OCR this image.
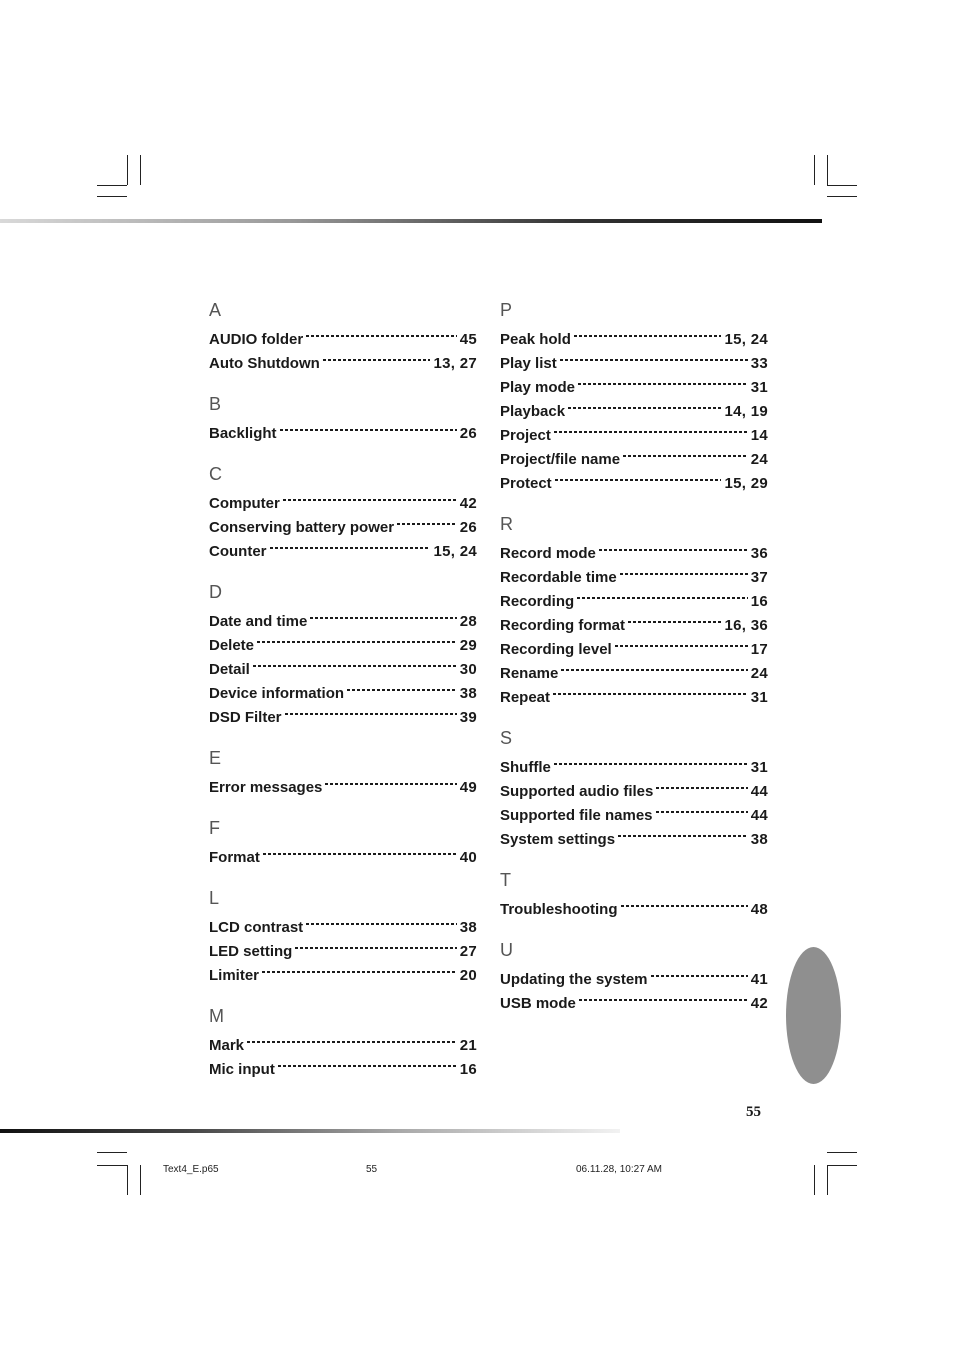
A
AUDIO folder	45
Auto Shutdown	13, 27
B
Backlight	26
C
Computer	42
Conserving battery power	26
Counter	15, 24
D
Date and time	28
Delete	29
Detail	30
Device information	38
DSD Filter	39
E
Error messages	49
F
Format	40
L
LCD contrast	38
LED setting	27
Limiter	20
M
Mark	21
Mic input	16
P
Peak hold	15, 24
Play list	33
Play mode	31
Playback	14, 19
Project	14
Project/file name	24
Protect	15, 29
R
Record mode	36
Recordable time	37
Recording	16
Recording format	16, 36
Recording level	17
Rename	24
Repeat	31
S
Shuffle	31
Supported audio files	44
Supported file names	44
System settings	38
T
Troubleshooting	48
U
Updating the system	41
USB mode	42
55
Text4_E.p65	55	06.11.28, 10:27 AM
